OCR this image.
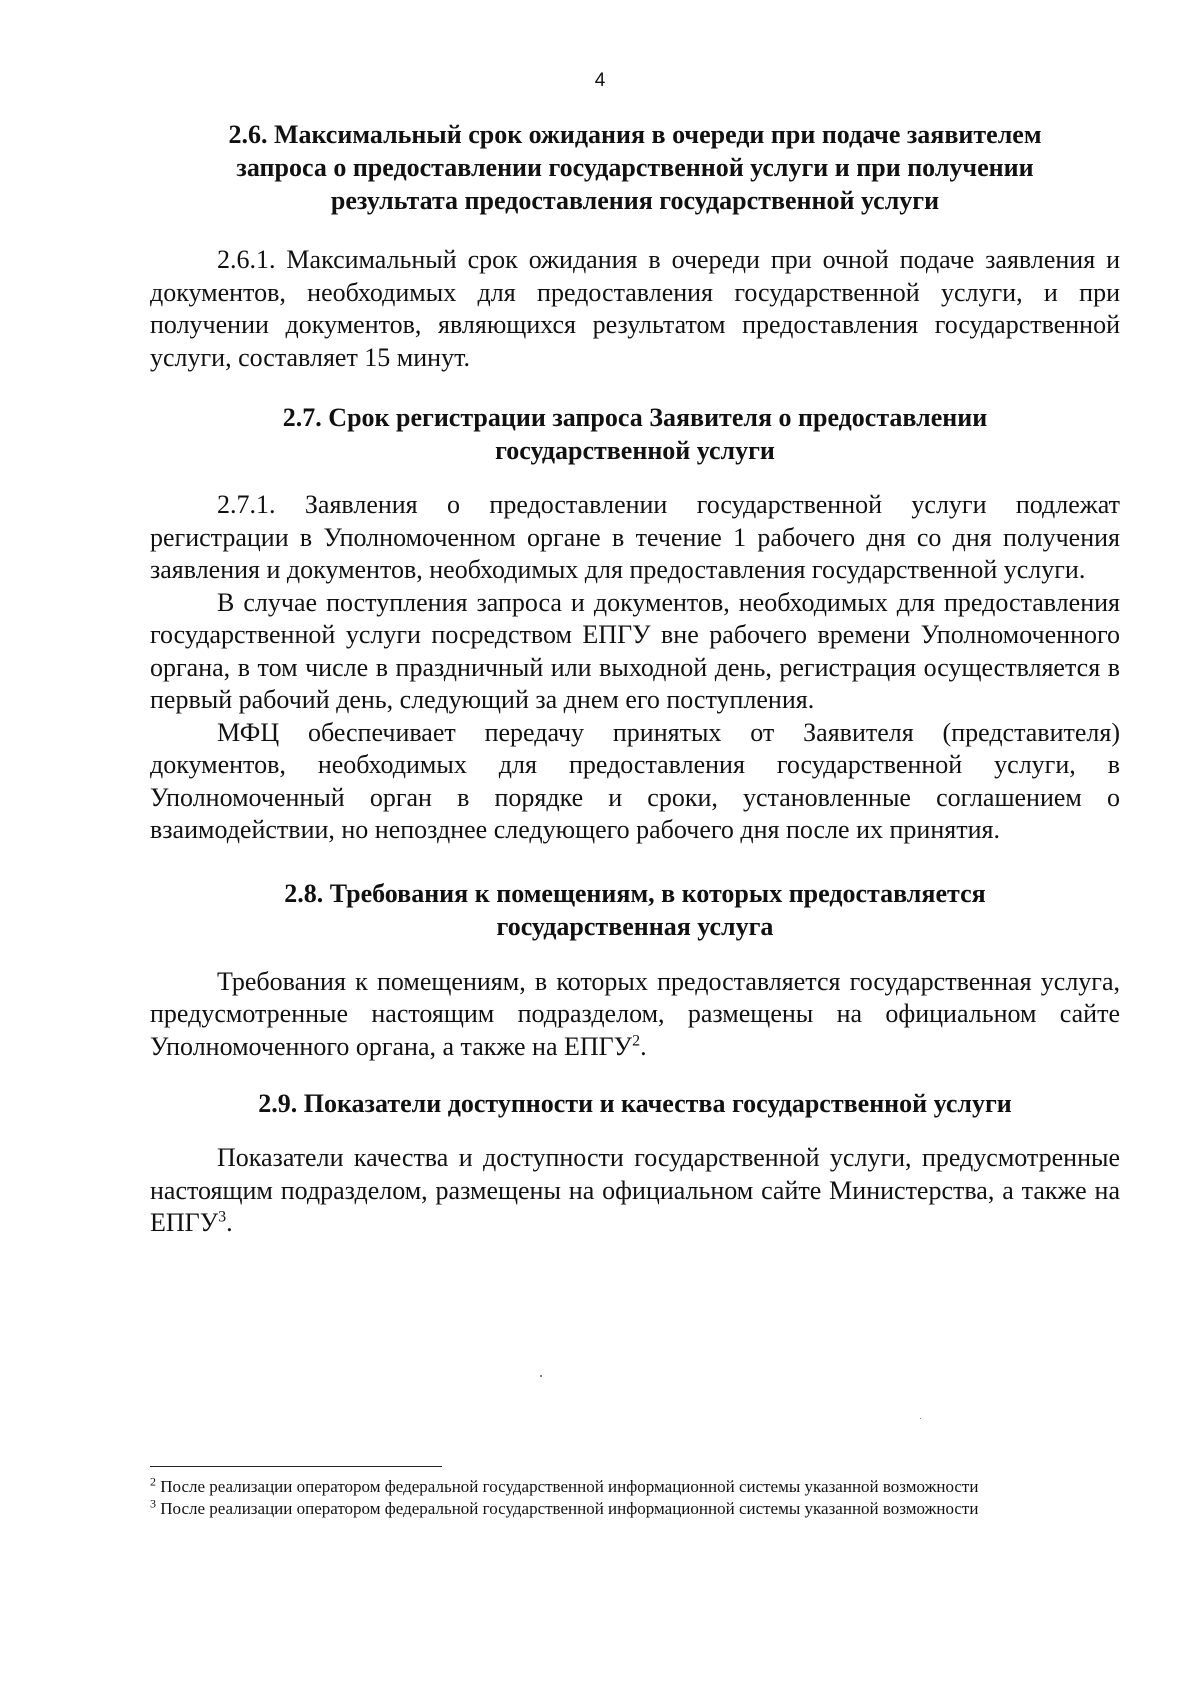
4
2.6. Максимальный срок ожидания в очереди при подаче заявителем
запроса о предоставлении государственной услуги и при получении
результата предоставления государственной услуги

2.6.1. Максимальный срок ожидания в очереди при очной подаче заявления и документов, необходимых для предоставления государственной услуги, и при получении документов, являющихся результатом предоставления государственной услуги, составляет 15 минут.

2.7. Срок регистрации запроса Заявителя о предоставлении
государственной услуги

2.7.1. Заявления о предоставлении государственной услуги подлежат регистрации в Уполномоченном органе в течение 1 рабочего дня со дня получения заявления и документов, необходимых для предоставления государственной услуги.

В случае поступления запроса и документов, необходимых для предоставления государственной услуги посредством ЕПГУ вне рабочего времени Уполномоченного органа, в том числе в праздничный или выходной день, регистрация осуществляется в первый рабочий день, следующий за днем его поступления.

МФЦ обеспечивает передачу принятых от Заявителя (представителя) документов, необходимых для предоставления государственной услуги, в Уполномоченный орган в порядке и сроки, установленные соглашением о взаимодействии, но непозднее следующего рабочего дня после их принятия.

2.8. Требования к помещениям, в которых предоставляется
государственная услуга

Требования к помещениям, в которых предоставляется государственная услуга, предусмотренные настоящим подразделом, размещены на официальном сайте Уполномоченного органа, а также на ЕПГУ$^2$.

2.9. Показатели доступности и качества государственной услуги

Показатели качества и доступности государственной услуги, предусмотренные настоящим подразделом, размещены на официальном сайте Министерства, а также на ЕПГУ$^3$.

$^2$ После реализации оператором федеральной государственной информационной системы указанной возможности
$^3$ После реализации оператором федеральной государственной информационной системы указанной возможности
